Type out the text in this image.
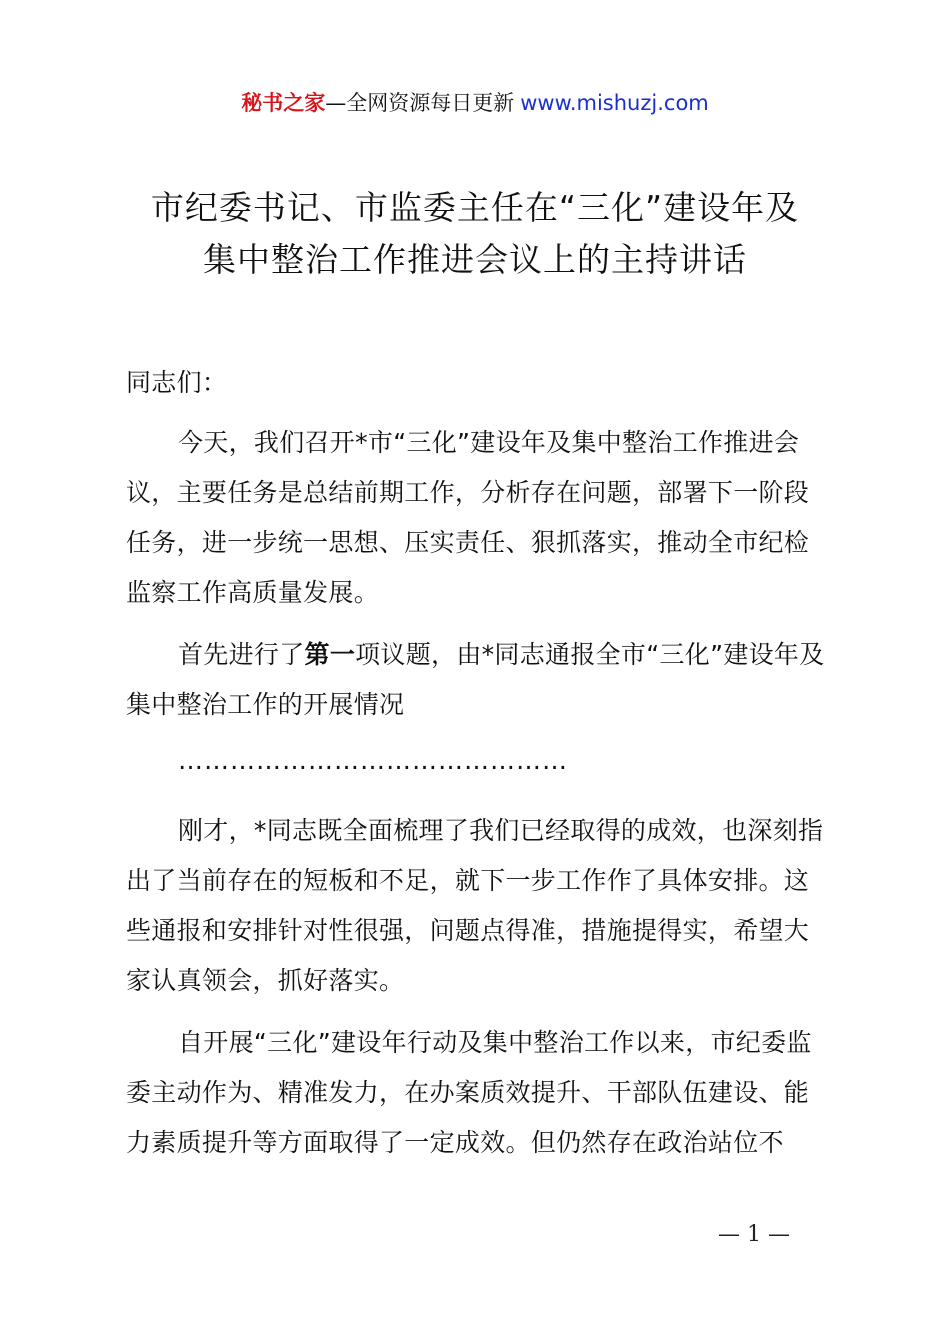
秘书之家—全网资源每日更新 www.mishuzj.com
市纪委书记、市监委主任在“三化”建设年及
集中整治工作推进会议上的主持讲话
同志们：
今天，我们召开*市“三化”建设年及集中整治工作推进会议，主要任务是总结前期工作，分析存在问题，部署下一阶段任务，进一步统一思想、压实责任、狠抓落实，推动全市纪检监察工作高质量发展。
首先进行了第一项议题，由*同志通报全市“三化”建设年及集中整治工作的开展情况
………………………………………
刚才，*同志既全面梳理了我们已经取得的成效，也深刻指出了当前存在的短板和不足，就下一步工作作了具体安排。这些通报和安排针对性很强，问题点得准，措施提得实，希望大家认真领会，抓好落实。
自开展“三化”建设年行动及集中整治工作以来，市纪委监委主动作为、精准发力，在办案质效提升、干部队伍建设、能力素质提升等方面取得了一定成效。但仍然存在政治站位不
— 1 —
